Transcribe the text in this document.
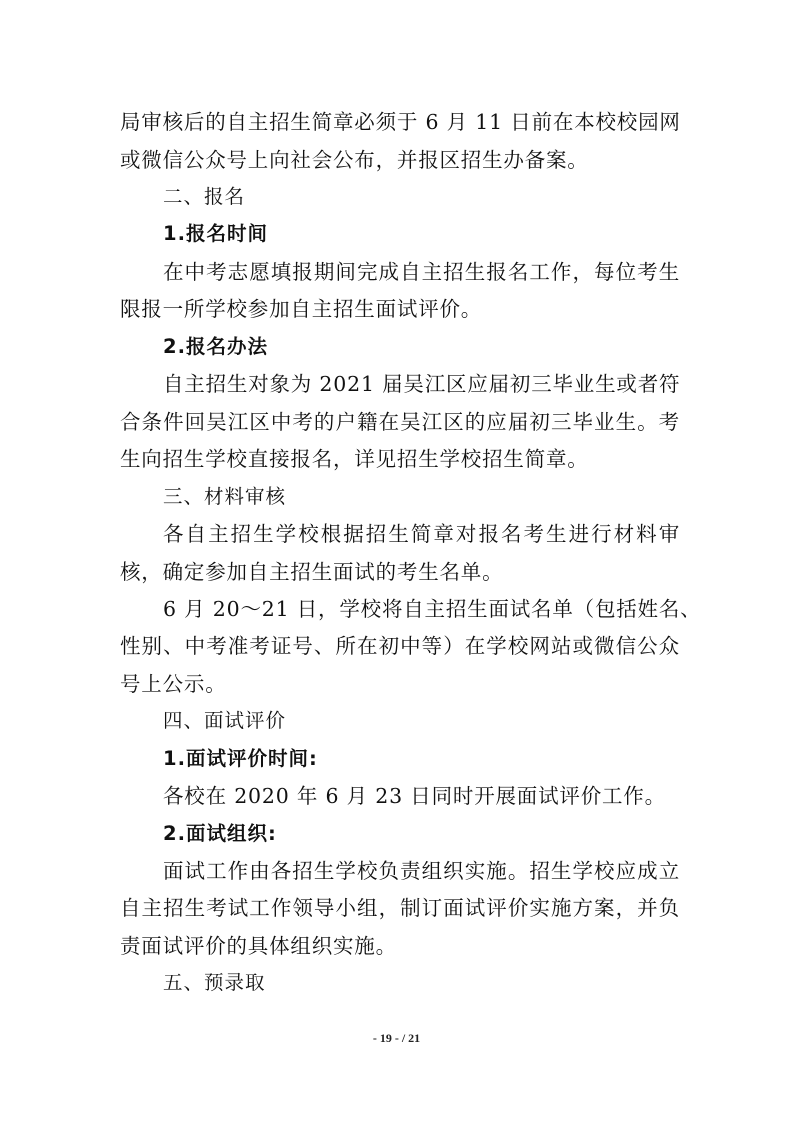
局审核后的自主招生简章必须于 6 月 11 日前在本校校园网
或微信公众号上向社会公布，并报区招生办备案。
二、报名
1.报名时间
在中考志愿填报期间完成自主招生报名工作，每位考生
限报一所学校参加自主招生面试评价。
2.报名办法
自主招生对象为 2021 届吴江区应届初三毕业生或者符
合条件回吴江区中考的户籍在吴江区的应届初三毕业生。考
生向招生学校直接报名，详见招生学校招生简章。
三、材料审核
各自主招生学校根据招生简章对报名考生进行材料审
核，确定参加自主招生面试的考生名单。
6 月 20～21 日，学校将自主招生面试名单（包括姓名、
性别、中考准考证号、所在初中等）在学校网站或微信公众
号上公示。
四、面试评价
1.面试评价时间:
各校在 2020 年 6 月 23 日同时开展面试评价工作。
2.面试组织:
面试工作由各招生学校负责组织实施。招生学校应成立
自主招生考试工作领导小组，制订面试评价实施方案，并负
责面试评价的具体组织实施。
五、预录取
- 19 - / 21
